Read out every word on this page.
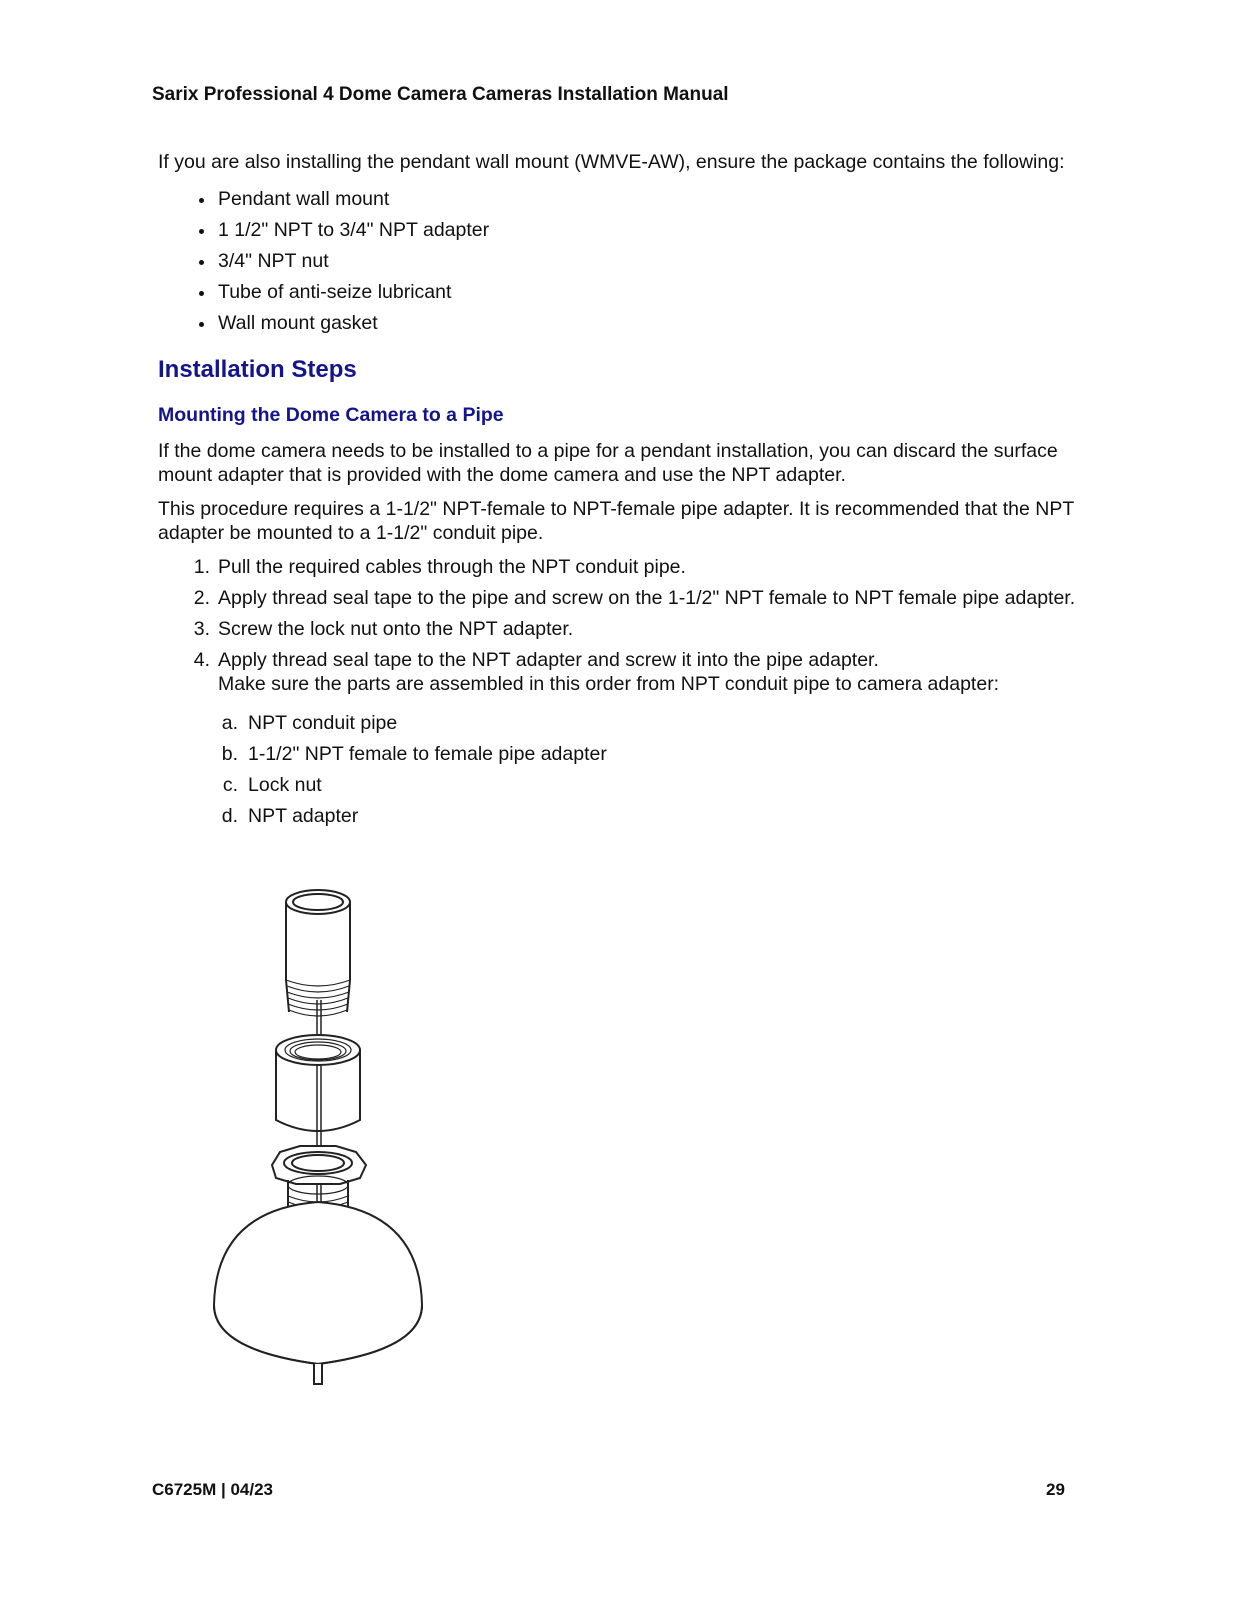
Sarix Professional 4 Dome Camera Cameras Installation Manual

If you are also installing the pendant wall mount (WMVE-AW), ensure the package contains the following:

Pendant wall mount
1 1/2" NPT to 3/4" NPT adapter
3/4" NPT nut
Tube of anti-seize lubricant
Wall mount gasket
Installation Steps
Mounting the Dome Camera to a Pipe

If the dome camera needs to be installed to a pipe for a pendant installation, you can discard the surface mount adapter that is provided with the dome camera and use the NPT adapter.

This procedure requires a 1-1/2" NPT-female to NPT-female pipe adapter. It is recommended that the NPT adapter be mounted to a 1-1/2" conduit pipe.

1. Pull the required cables through the NPT conduit pipe.
2. Apply thread seal tape to the pipe and screw on the 1-1/2" NPT female to NPT female pipe adapter.
3. Screw the lock nut onto the NPT adapter.
4. Apply thread seal tape to the NPT adapter and screw it into the pipe adapter.
Make sure the parts are assembled in this order from NPT conduit pipe to camera adapter:
a. NPT conduit pipe
b. 1-1/2" NPT female to female pipe adapter
c. Lock nut
d. NPT adapter
C6725M | 04/23	29
